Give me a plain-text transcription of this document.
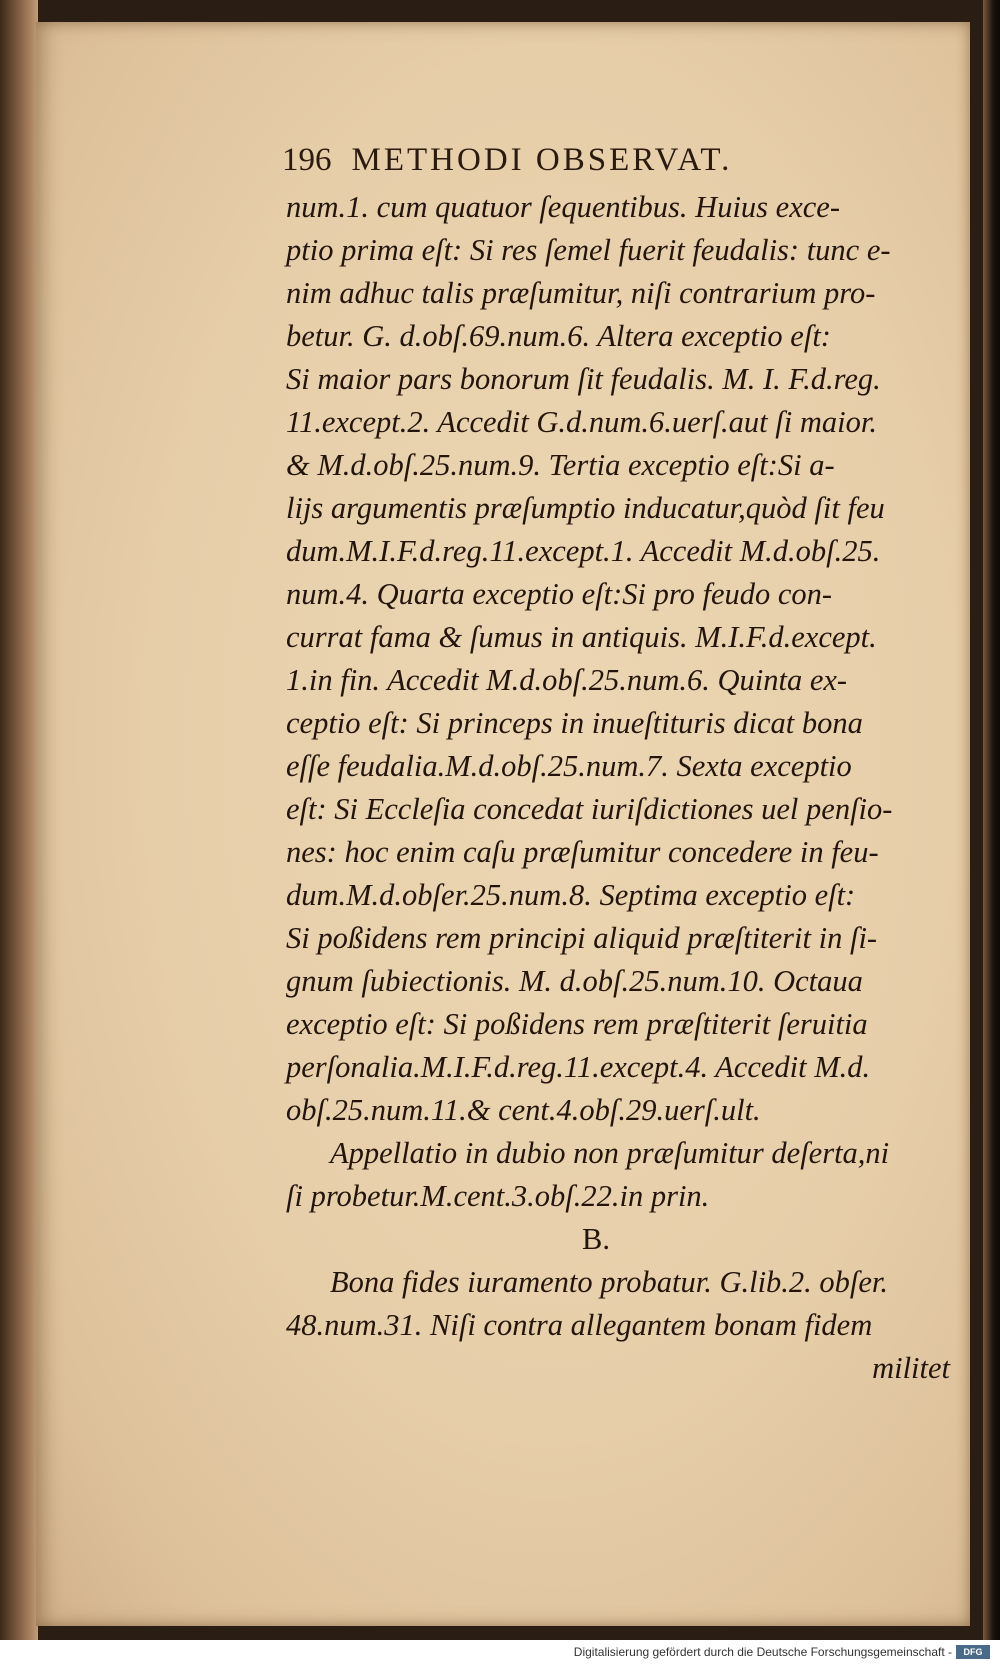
196 METHODI OBSERVAT.
num.1. cum quatuor ſequentibus. Huius exce-
ptio prima eſt: Si res ſemel fuerit feudalis: tunc e-
nim adhuc talis præſumitur, niſi contrarium pro-
betur. G. d.obſ.69.num.6. Altera exceptio eſt:
Si maior pars bonorum ſit feudalis. M. I. F.d.reg.
11.except.2. Accedit G.d.num.6.uerſ.aut ſi maior.
& M.d.obſ.25.num.9. Tertia exceptio eſt:Si a-
lijs argumentis præſumptio inducatur,quòd ſit feu
dum.M.I.F.d.reg.11.except.1. Accedit M.d.obſ.25.
num.4. Quarta exceptio eſt:Si pro feudo con-
currat fama & ſumus in antiquis. M.I.F.d.except.
1.in fin. Accedit M.d.obſ.25.num.6. Quinta ex-
ceptio eſt: Si princeps in inueſtituris dicat bona
eſſe feudalia.M.d.obſ.25.num.7. Sexta exceptio
eſt: Si Eccleſia concedat iuriſdictiones uel penſio-
nes: hoc enim caſu præſumitur concedere in feu-
dum.M.d.obſer.25.num.8. Septima exceptio eſt:
Si poßidens rem principi aliquid præſtiterit in ſi-
gnum ſubiectionis. M. d.obſ.25.num.10. Octaua
exceptio eſt: Si poßidens rem præſtiterit ſeruitia
perſonalia.M.I.F.d.reg.11.except.4. Accedit M.d.
obſ.25.num.11.& cent.4.obſ.29.uerſ.ult.
Appellatio in dubio non præſumitur deſerta,ni
ſi probetur.M.cent.3.obſ.22.in prin.
B.
Bona fides iuramento probatur. G.lib.2. obſer.
48.num.31. Niſi contra allegantem bonam fidem
militet
Digitalisierung gefördert durch die Deutsche Forschungsgemeinschaft -	DFG
